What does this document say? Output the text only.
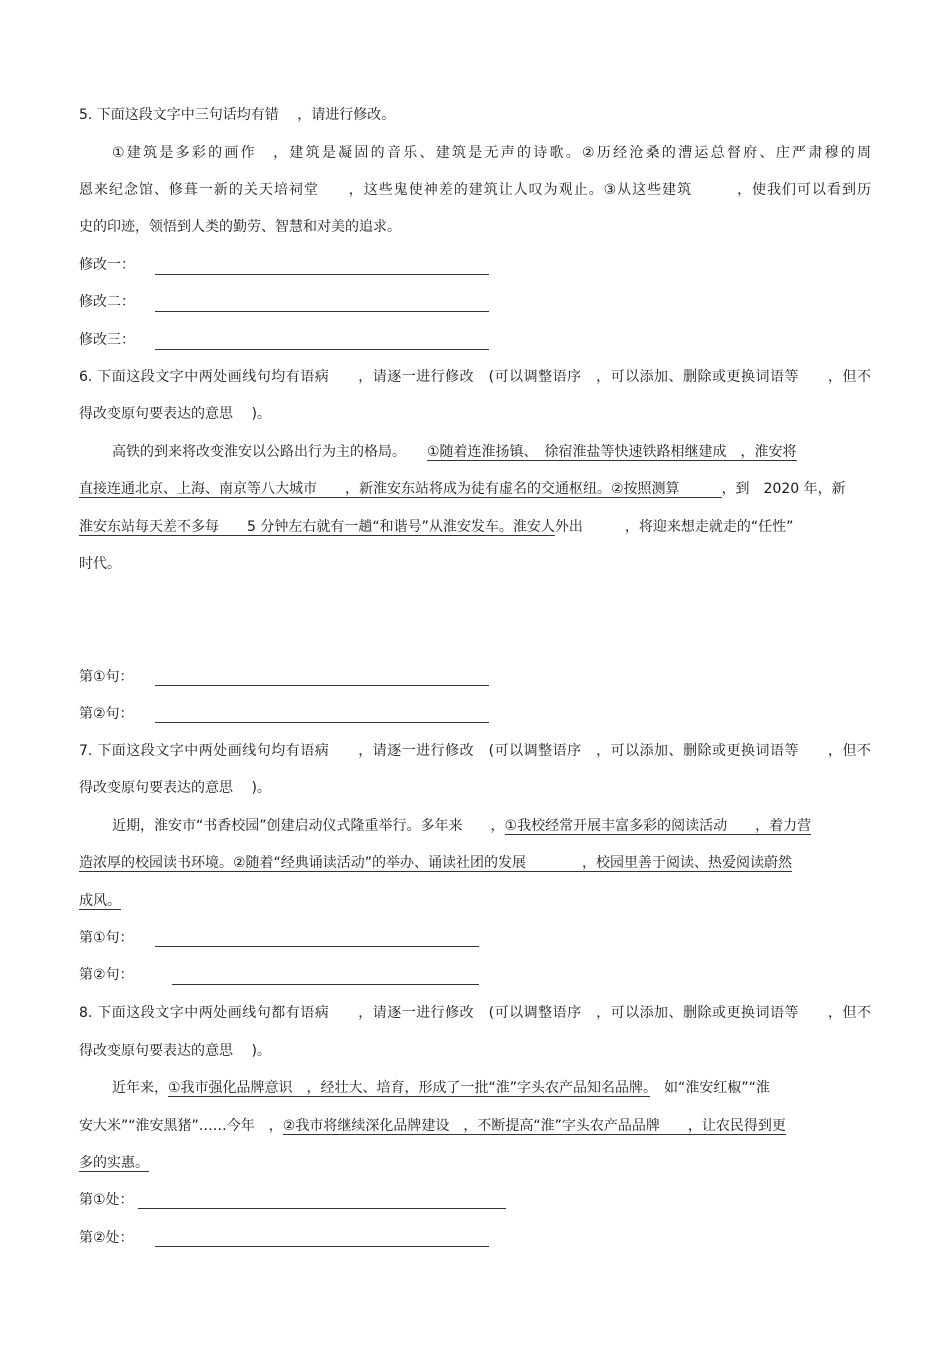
5. 下面这段文字中三句话均有错　 ，请进行修改。
①建筑是多彩的画作　，建筑是凝固的音乐、建筑是无声的诗歌。②历经沧桑的漕运总督府、庄严肃穆的周
恩来纪念馆、修葺一新的关天培祠堂　　，这些鬼使神差的建筑让人叹为观止。③从这些建筑　　　，使我们可以看到历
史的印迹，领悟到人类的勤劳、智慧和对美的追求。
修改一：
修改二：
修改三：
6. 下面这段文字中两处画线句均有语病　　，请逐一进行修改　(可以调整语序　，可以添加、删除或更换词语等　　，但不
得改变原句要表达的意思　 )。
高铁的到来将改变淮安以公路出行为主的格局。　　①随着连淮扬镇、　徐宿淮盐等快速铁路相继建成　，淮安将
直接连通北京、上海、南京等八大城市　　，新淮安东站将成为徒有虚名的交通枢纽。②按照测算　　　，到　2020 年，新
淮安东站每天差不多每　　5 分钟左右就有一趟“和谐号”从淮安发车。淮安人外出　　　，将迎来想走就走的“任性”
时代。
第①句：
第②句：
7. 下面这段文字中两处画线句均有语病　　，请逐一进行修改　(可以调整语序　，可以添加、删除或更换词语等　　，但不
得改变原句要表达的意思　 )。
近期，淮安市“书香校园”创建启动仪式隆重举行。多年来　　，①我校经常开展丰富多彩的阅读活动　　，着力营
造浓厚的校园读书环境。②随着“经典诵读活动”的举办、诵读社团的发展　　　　，校园里善于阅读、热爱阅读蔚然
成风。
第①句：
第②句：
8. 下面这段文字中两处画线句都有语病　　，请逐一进行修改　(可以调整语序　，可以添加、删除或更换词语等　　，但不
得改变原句要表达的意思　 )。
近年来，①我市强化品牌意识　，经壮大、培育，形成了一批“淮”字头农产品知名品牌。　如“淮安红椒”“淮
安大米”“淮安黑猪”……今年　，②我市将继续深化品牌建设　，不断提高“淮”字头农产品品牌　　，让农民得到更
多的实惠。
第①处：
第②处：
